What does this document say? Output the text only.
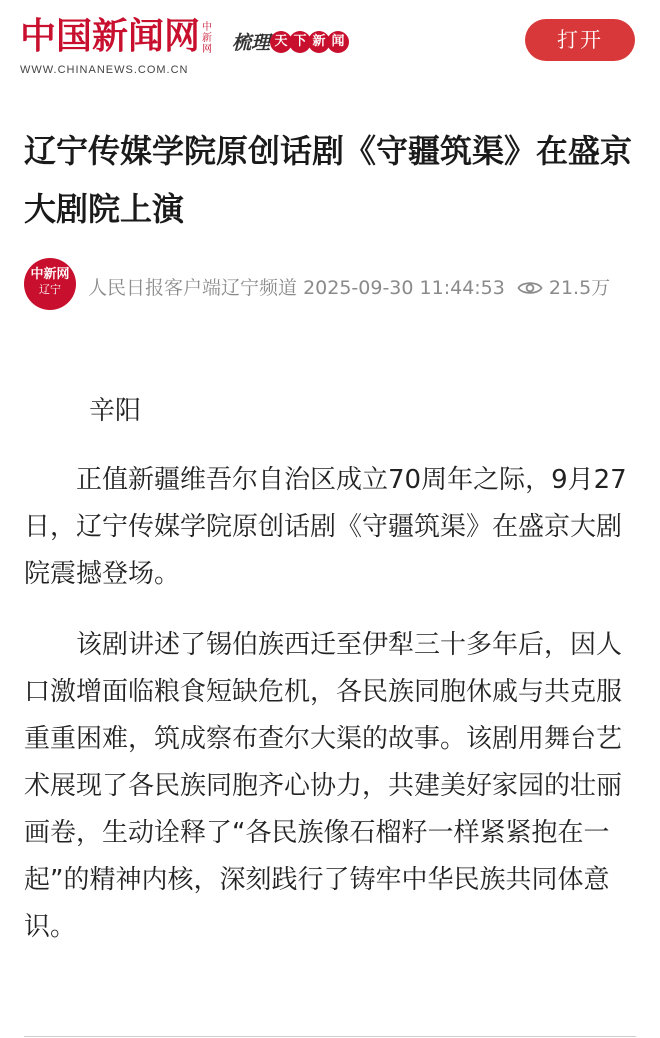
中国新闻网 中新网
WWW.CHINANEWS.COM.CN
梳理 天 下 新 闻	打开
辽宁传媒学院原创话剧《守疆筑渠》在盛京大剧院上演
中新网
辽宁	人民日报客户端辽宁频道 2025-09-30 11:44:53 21.5万

辛阳

正值新疆维吾尔自治区成立70周年之际，9月27日，辽宁传媒学院原创话剧《守疆筑渠》在盛京大剧院震撼登场。

该剧讲述了锡伯族西迁至伊犁三十多年后，因人口激增面临粮食短缺危机，各民族同胞休戚与共克服重重困难，筑成察布查尔大渠的故事。该剧用舞台艺术展现了各民族同胞齐心协力，共建美好家园的壮丽画卷，生动诠释了“各民族像石榴籽一样紧紧抱在一起”的精神内核，深刻践行了铸牢中华民族共同体意识。
